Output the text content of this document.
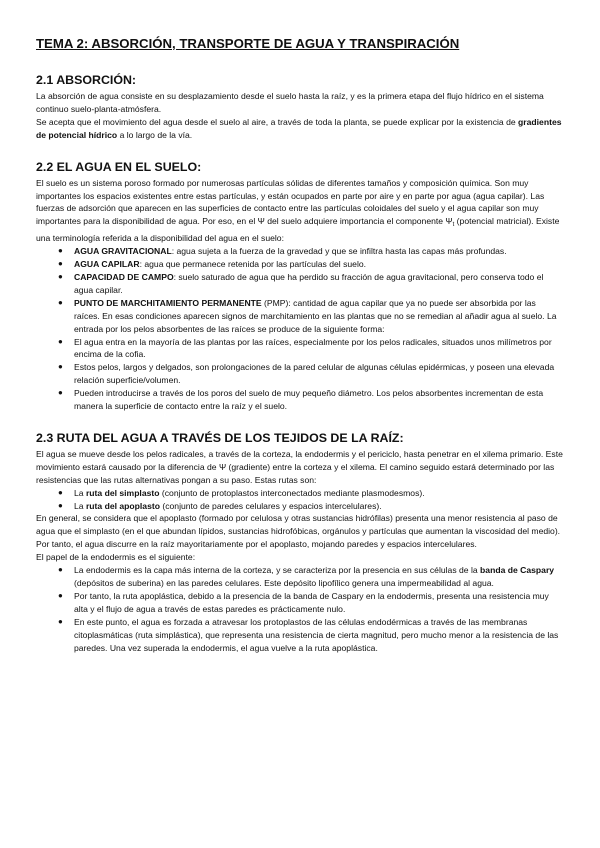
TEMA 2: ABSORCIÓN, TRANSPORTE DE AGUA Y TRANSPIRACIÓN
2.1 ABSORCIÓN:

La absorción de agua consiste en su desplazamiento desde el suelo hasta la raíz, y es la primera etapa del flujo hídrico en el sistema continuo suelo-planta-atmósfera.

Se acepta que el movimiento del agua desde el suelo al aire, a través de toda la planta, se puede explicar por la existencia de gradientes de potencial hídrico a lo largo de la vía.

2.2 EL AGUA EN EL SUELO:

El suelo es un sistema poroso formado por numerosas partículas sólidas de diferentes tamaños y composición química. Son muy importantes los espacios existentes entre estas partículas, y están ocupados en parte por aire y en parte por agua (agua capilar). Las fuerzas de adsorción que aparecen en las superficies de contacto entre las partículas coloidales del suelo y el agua capilar son muy importantes para la disponibilidad de agua. Por eso, en el Ψ del suelo adquiere importancia el componente $\Psi_t$ (potencial matricial). Existe una terminología referida a la disponibilidad del agua en el suelo:

● AGUA GRAVITACIONAL: agua sujeta a la fuerza de la gravedad y que se infiltra hasta las capas más profundas.
● AGUA CAPILAR: agua que permanece retenida por las partículas del suelo.
● CAPACIDAD DE CAMPO: suelo saturado de agua que ha perdido su fracción de agua gravitacional, pero conserva todo el agua capilar.
● PUNTO DE MARCHITAMIENTO PERMANENTE (PMP): cantidad de agua capilar que ya no puede ser absorbida por las raíces. En esas condiciones aparecen signos de marchitamiento en las plantas que no se remedian al añadir agua al suelo. La entrada por los pelos absorbentes de las raíces se produce de la siguiente forma:
● El agua entra en la mayoría de las plantas por las raíces, especialmente por los pelos radicales, situados unos milímetros por encima de la cofia.
● Estos pelos, largos y delgados, son prolongaciones de la pared celular de algunas células epidérmicas, y poseen una elevada relación superficie/volumen.
● Pueden introducirse a través de los poros del suelo de muy pequeño diámetro. Los pelos absorbentes incrementan de esta manera la superficie de contacto entre la raíz y el suelo.
2.3 RUTA DEL AGUA A TRAVÉS DE LOS TEJIDOS DE LA RAÍZ:

El agua se mueve desde los pelos radicales, a través de la corteza, la endodermis y el periciclo, hasta penetrar en el xilema primario. Este movimiento estará causado por la diferencia de Ψ (gradiente) entre la corteza y el xilema. El camino seguido estará determinado por las resistencias que las rutas alternativas pongan a su paso. Estas rutas son:

● La ruta del simplasto (conjunto de protoplastos interconectados mediante plasmodesmos).
● La ruta del apoplasto (conjunto de paredes celulares y espacios intercelulares).

En general, se considera que el apoplasto (formado por celulosa y otras sustancias hidrófilas) presenta una menor resistencia al paso de agua que el simplasto (en el que abundan lípidos, sustancias hidrofóbicas, orgánulos y partículas que aumentan la viscosidad del medio). Por tanto, el agua discurre en la raíz mayoritariamente por el apoplasto, mojando paredes y espacios intercelulares.

El papel de la endodermis es el siguiente:

● La endodermis es la capa más interna de la corteza, y se caracteriza por la presencia en sus células de la banda de Caspary (depósitos de suberina) en las paredes celulares. Este depósito lipofílico genera una impermeabilidad al agua.
● Por tanto, la ruta apoplástica, debido a la presencia de la banda de Caspary en la endodermis, presenta una resistencia muy alta y el flujo de agua a través de estas paredes es prácticamente nulo.
● En este punto, el agua es forzada a atravesar los protoplastos de las células endodérmicas a través de las membranas citoplasmáticas (ruta simplástica), que representa una resistencia de cierta magnitud, pero mucho menor a la resistencia de las paredes. Una vez superada la endodermis, el agua vuelve a la ruta apoplástica.
